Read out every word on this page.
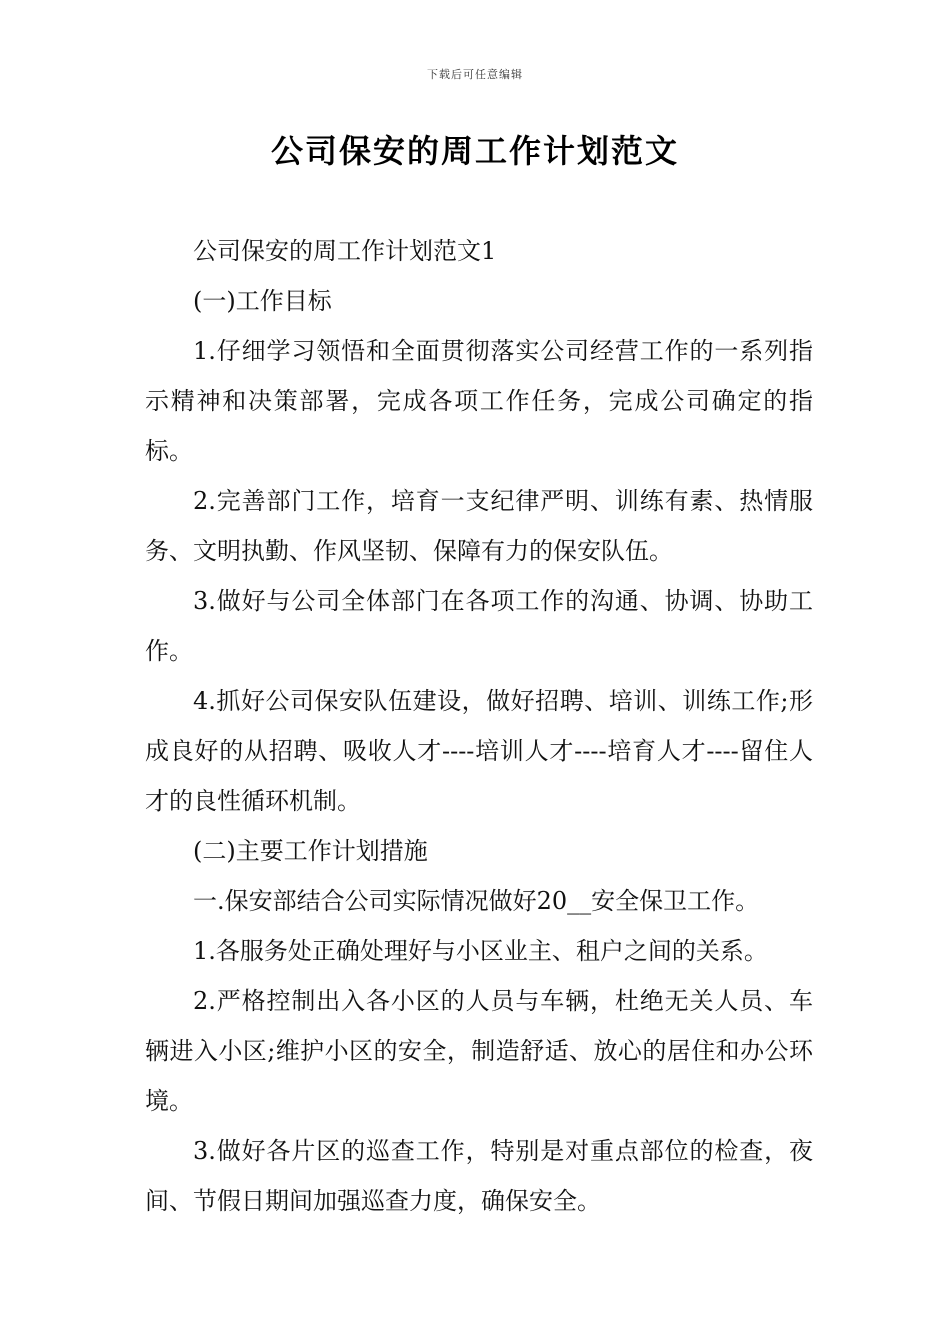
下载后可任意编辑
公司保安的周工作计划范文

公司保安的周工作计划范文1

(一)工作目标

1.仔细学习领悟和全面贯彻落实公司经营工作的一系列指示精神和决策部署，完成各项工作任务，完成公司确定的指标。

2.完善部门工作，培育一支纪律严明、训练有素、热情服务、文明执勤、作风坚韧、保障有力的保安队伍。

3.做好与公司全体部门在各项工作的沟通、协调、协助工作。

4.抓好公司保安队伍建设，做好招聘、培训、训练工作;形成良好的从招聘、吸收人才----培训人才----培育人才----留住人才的良性循环机制。

(二)主要工作计划措施

一.保安部结合公司实际情况做好20__安全保卫工作。

1.各服务处正确处理好与小区业主、租户之间的关系。

2.严格控制出入各小区的人员与车辆，杜绝无关人员、车辆进入小区;维护小区的安全，制造舒适、放心的居住和办公环境。

3.做好各片区的巡查工作，特别是对重点部位的检查，夜间、节假日期间加强巡查力度，确保安全。
